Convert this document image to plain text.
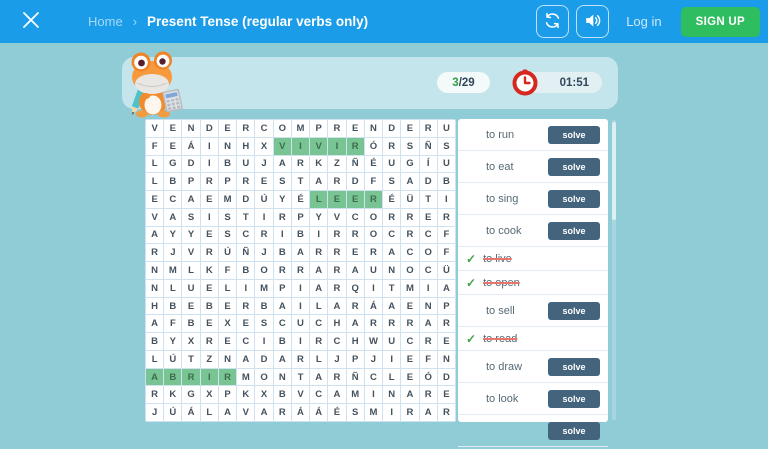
Home › Present Tense (regular verbs only)	Log in	SIGN UP
3 /29	01:51
V	E	N	D	E	R	C	O	M	P	R	E	N	D	E	R	U
F	E	Á	I	N	H	X	V	I	V	I	R	Ó	R	S	Ñ	S
L	G	D	I	B	U	J	A	R	K	Z	Ñ	É	U	G	Í	U
L	B	P	R	P	R	E	S	T	A	R	D	F	S	A	D	B
E	C	A	E	M	D	Ú	Y	É	L	E	E	R	É	Ü	T	I
V	A	S	I	S	T	I	R	P	Y	V	C	O	R	R	E	R
A	Y	Y	E	S	C	R	I	B	I	R	R	O	C	R	C	F
R	J	V	R	Ú	Ñ	J	B	A	R	R	E	R	A	C	O	F
N	M	L	K	F	B	O	R	R	A	R	A	U	N	O	C	Ü
N	L	U	E	L	I	M	P	I	A	R	Q	I	T	M	I	A
H	B	E	B	E	R	B	A	I	L	A	R	Á	A	E	N	P
A	F	B	E	X	E	S	C	U	C	H	A	R	R	R	A	R
B	Y	X	R	E	C	I	B	I	R	C	H	W	U	C	R	E
L	Ú	T	Z	N	A	D	A	R	L	J	P	J	I	E	F	N
A	B	R	I	R	M	O	N	T	A	R	Ñ	C	L	E	Ó	D
R	K	G	X	P	K	X	B	V	C	A	M	I	N	A	R	E
J	Ú	Á	L	A	V	A	R	Á	Á	É	S	M	I	R	A	R
to run	solve
to eat	solve
to sing	solve
to cook	solve
✓ to live
✓ to open
to sell	solve
✓ to read
to draw	solve
to look	solve
solve
